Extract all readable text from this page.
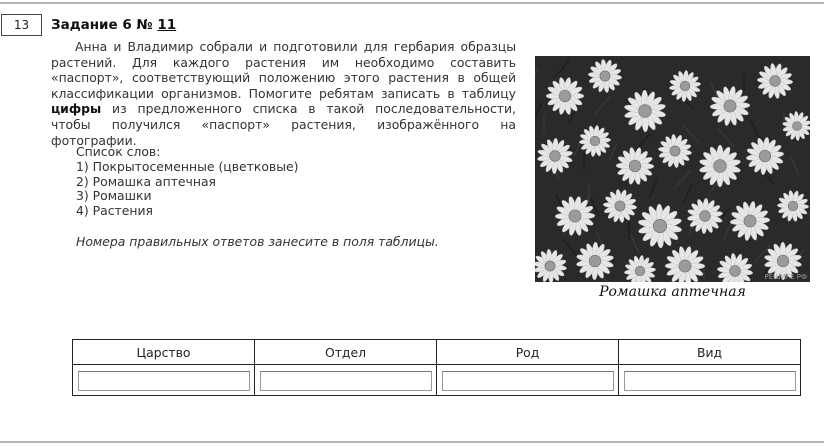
13	Задание 6 № 11

Анна и Владимир собрали и подготовили для гербария образцы растений. Для каждого растения им необходимо составить «паспорт», соответствующий положению этого растения в общей классификации организмов. Помогите ребятам записать в таблицу цифры из предложенного списка в такой последовательности, чтобы получился «паспорт» растения, изображённого на фотографии.

Список слов:
1) Покрытосеменные (цветковые)
2) Ромашка аптечная
3) Ромашки
4) Растения
Номера правильных ответов занесите в поля таблицы.
РЕШИГЕ РФ
Ромашка аптечная
Царство	Отдел	Род	Вид
